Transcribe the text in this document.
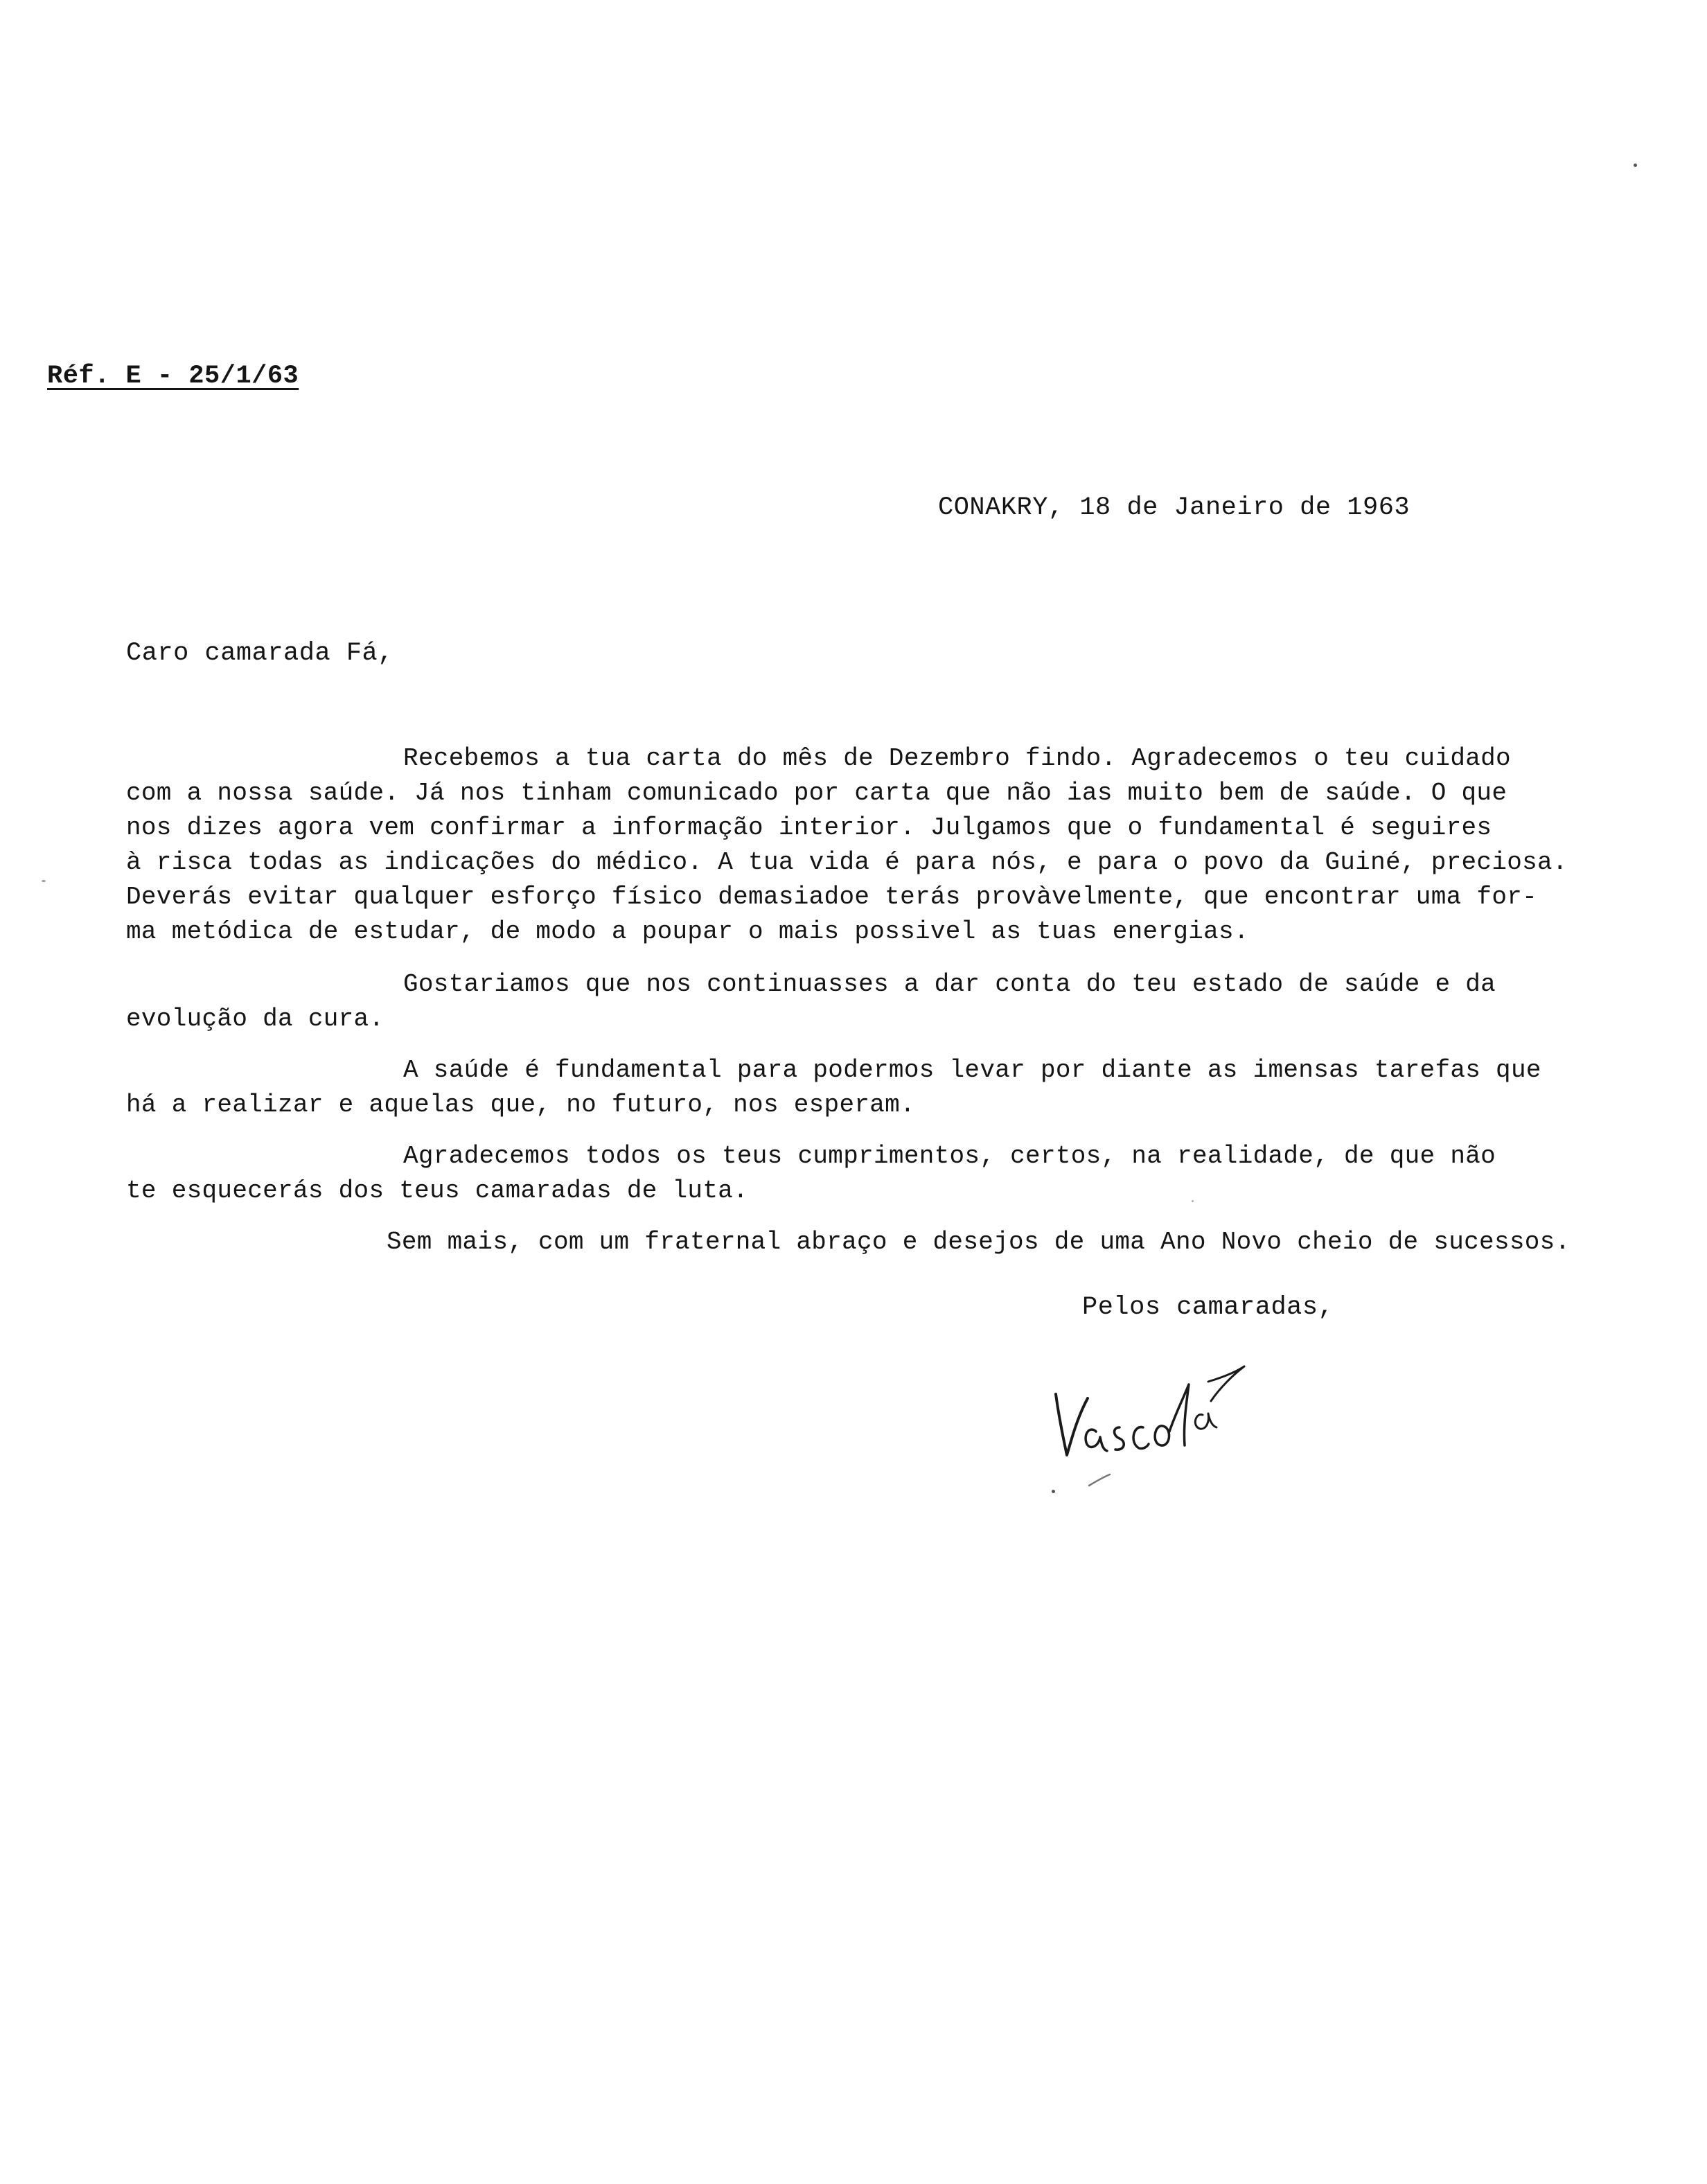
Réf. E - 25/1/63
CONAKRY, 18 de Janeiro de 1963
Caro camarada Fá,
Recebemos a tua carta do mês de Dezembro findo. Agradecemos o teu cuidado
com a nossa saúde. Já nos tinham comunicado por carta que não ias muito bem de saúde. O que
nos dizes agora vem confirmar a informação interior. Julgamos que o fundamental é seguires
à risca todas as indicações do médico. A tua vida é para nós, e para o povo da Guiné, preciosa.
Deverás evitar qualquer esforço físico demasiadoe terás provàvelmente, que encontrar uma for-
ma metódica de estudar, de modo a poupar o mais possivel as tuas energias.
Gostariamos que nos continuasses a dar conta do teu estado de saúde e da
evolução da cura.
A saúde é fundamental para podermos levar por diante as imensas tarefas que
há a realizar e aquelas que, no futuro, nos esperam.
Agradecemos todos os teus cumprimentos, certos, na realidade, de que não
te esquecerás dos teus camaradas de luta.
Sem mais, com um fraternal abraço e desejos de uma Ano Novo cheio de sucessos.
Pelos camaradas,
